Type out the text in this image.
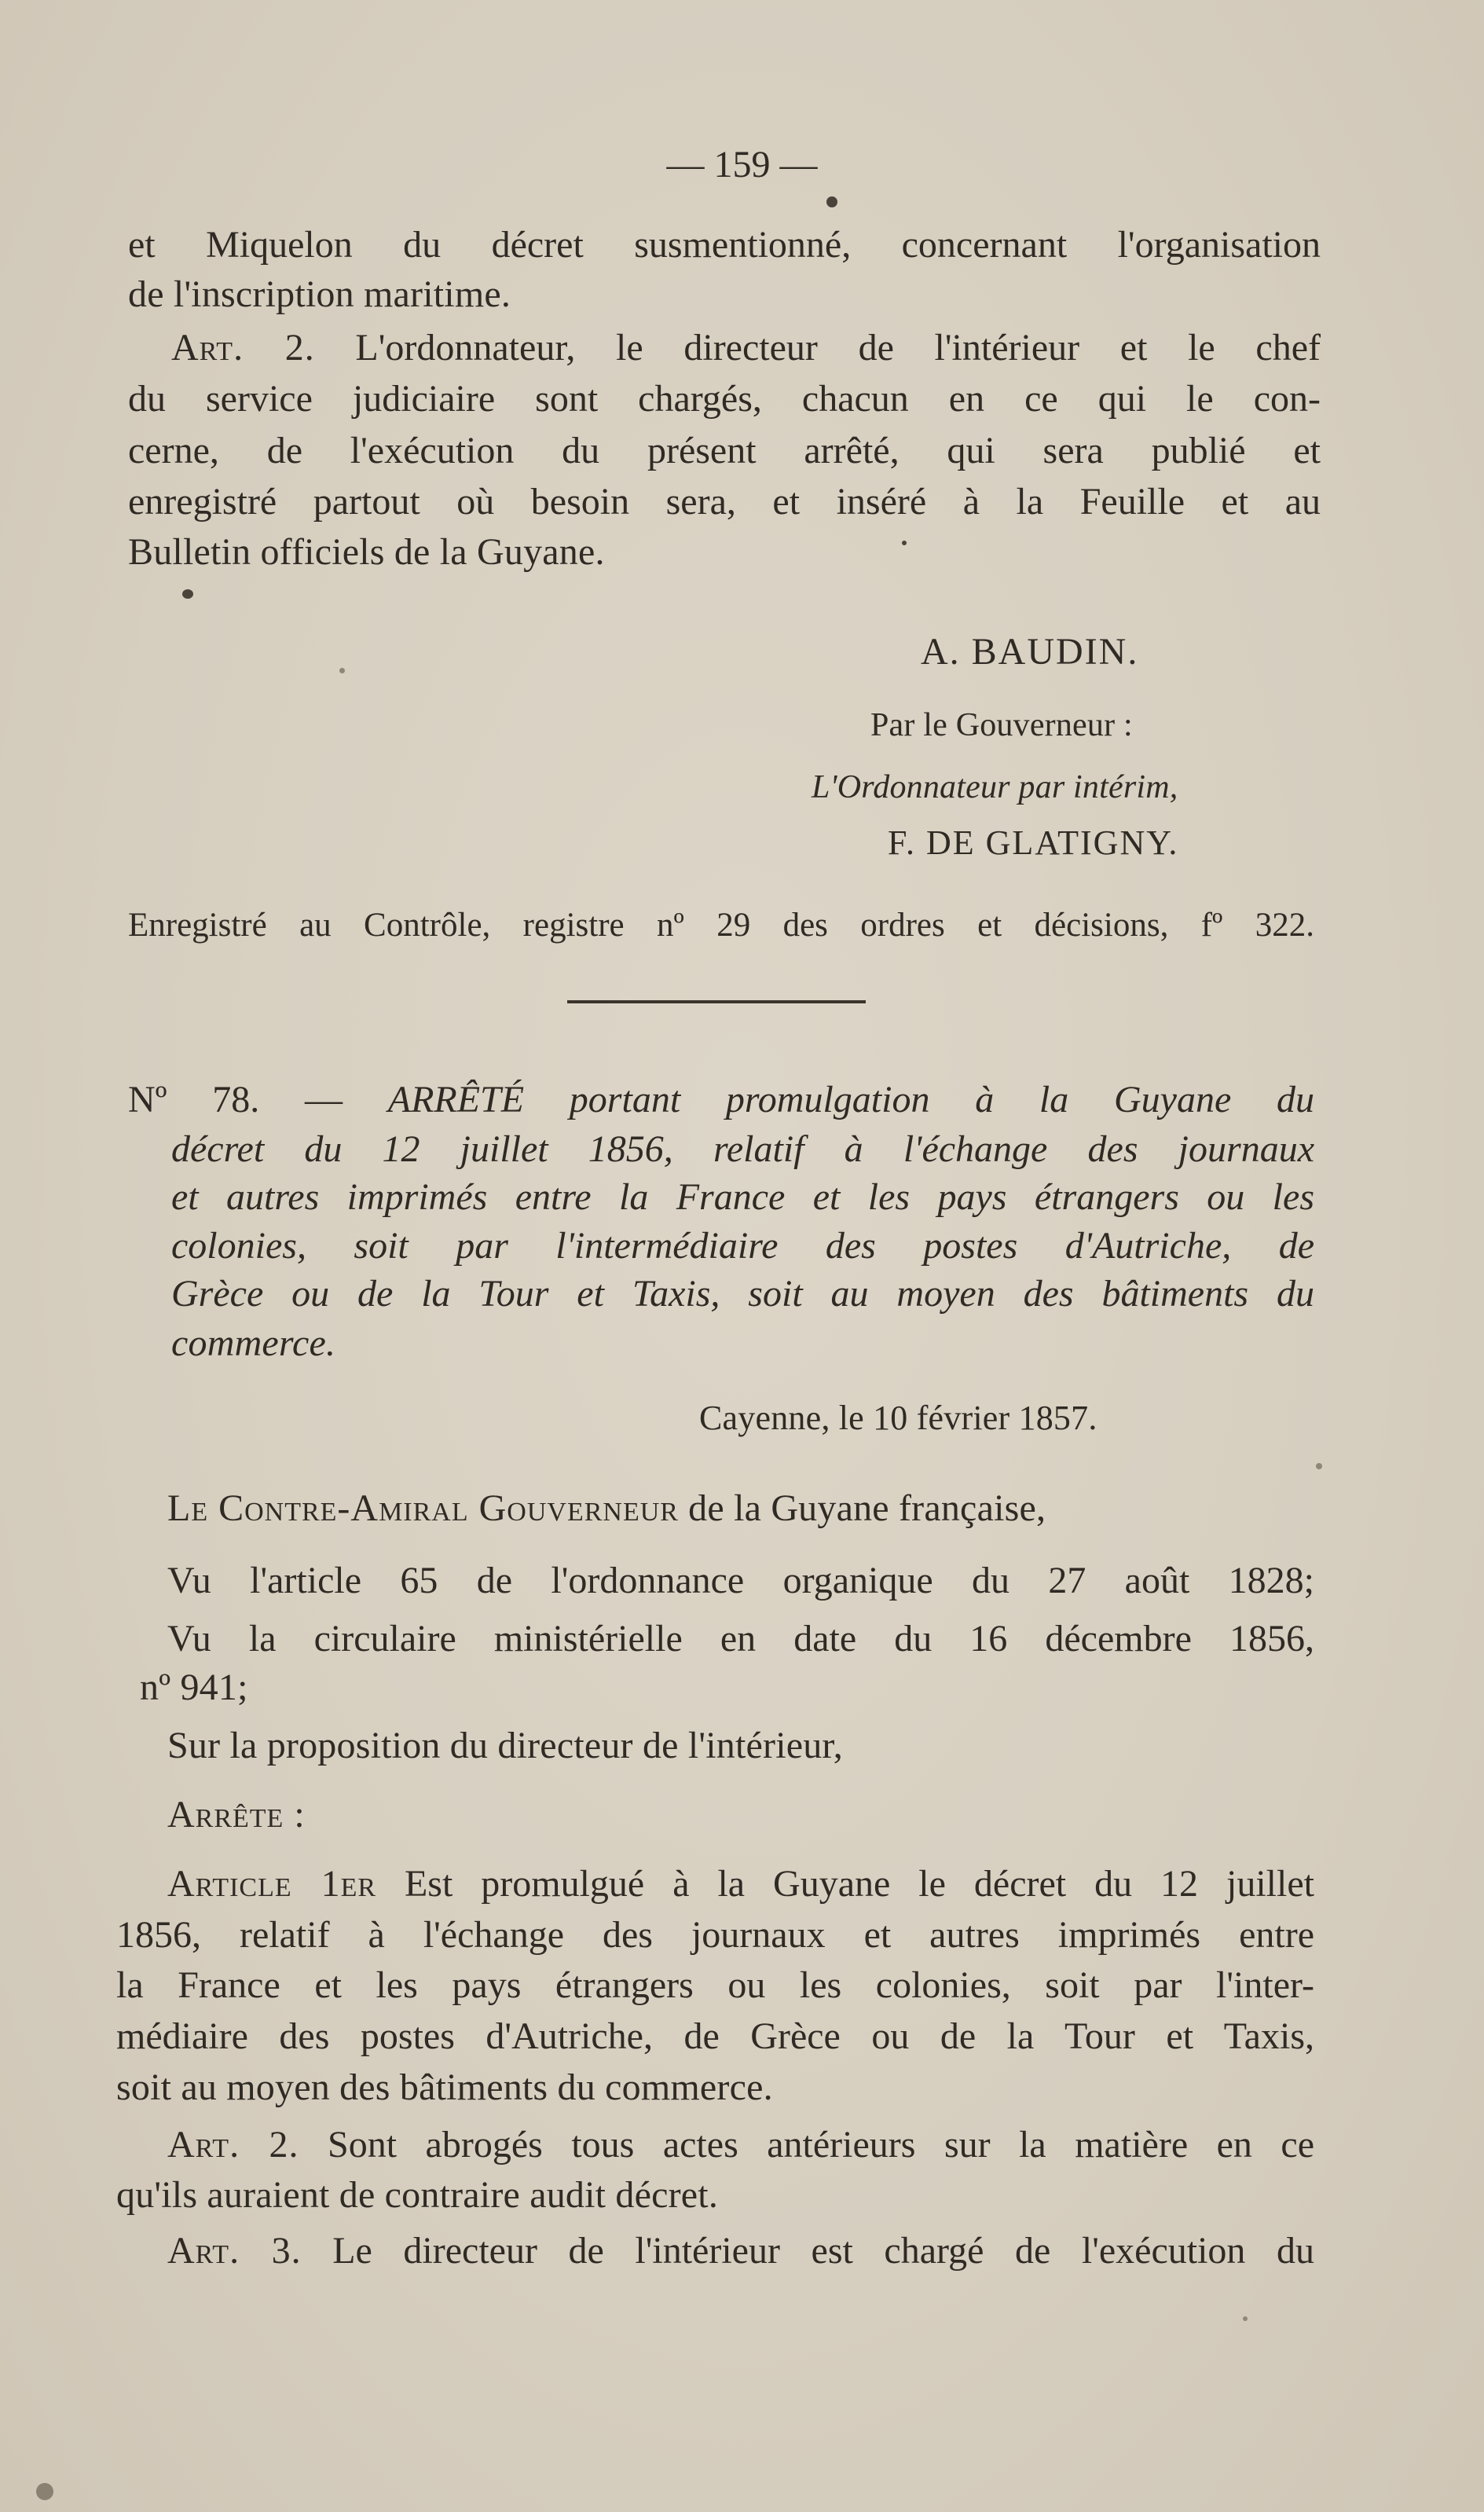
— 159 —
et Miquelon du décret susmentionné, concernant l'organisation
de l'inscription maritime.
Art. 2. L'ordonnateur, le directeur de l'intérieur et le chef
du service judiciaire sont chargés, chacun en ce qui le con-
cerne, de l'exécution du présent arrêté, qui sera publié et
enregistré partout où besoin sera, et inséré à la Feuille et au
Bulletin officiels de la Guyane.
A. BAUDIN.
Par le Gouverneur :
L'Ordonnateur par intérim,
F. DE GLATIGNY.
Enregistré au Contrôle, registre nº 29 des ordres et décisions, fº 322.
Nº 78. — ARRÊTÉ portant promulgation à la Guyane du
décret du 12 juillet 1856, relatif à l'échange des journaux
et autres imprimés entre la France et les pays étrangers ou les
colonies, soit par l'intermédiaire des postes d'Autriche, de
Grèce ou de la Tour et Taxis, soit au moyen des bâtiments du
commerce.
Cayenne, le 10 février 1857.
Le Contre-Amiral Gouverneur de la Guyane française,
Vu l'article 65 de l'ordonnance organique du 27 août 1828;
Vu la circulaire ministérielle en date du 16 décembre 1856,
nº 941;
Sur la proposition du directeur de l'intérieur,
Arrête :
Article 1er Est promulgué à la Guyane le décret du 12 juillet
1856, relatif à l'échange des journaux et autres imprimés entre
la France et les pays étrangers ou les colonies, soit par l'inter-
médiaire des postes d'Autriche, de Grèce ou de la Tour et Taxis,
soit au moyen des bâtiments du commerce.
Art. 2. Sont abrogés tous actes antérieurs sur la matière en ce
qu'ils auraient de contraire audit décret.
Art. 3. Le directeur de l'intérieur est chargé de l'exécution du
